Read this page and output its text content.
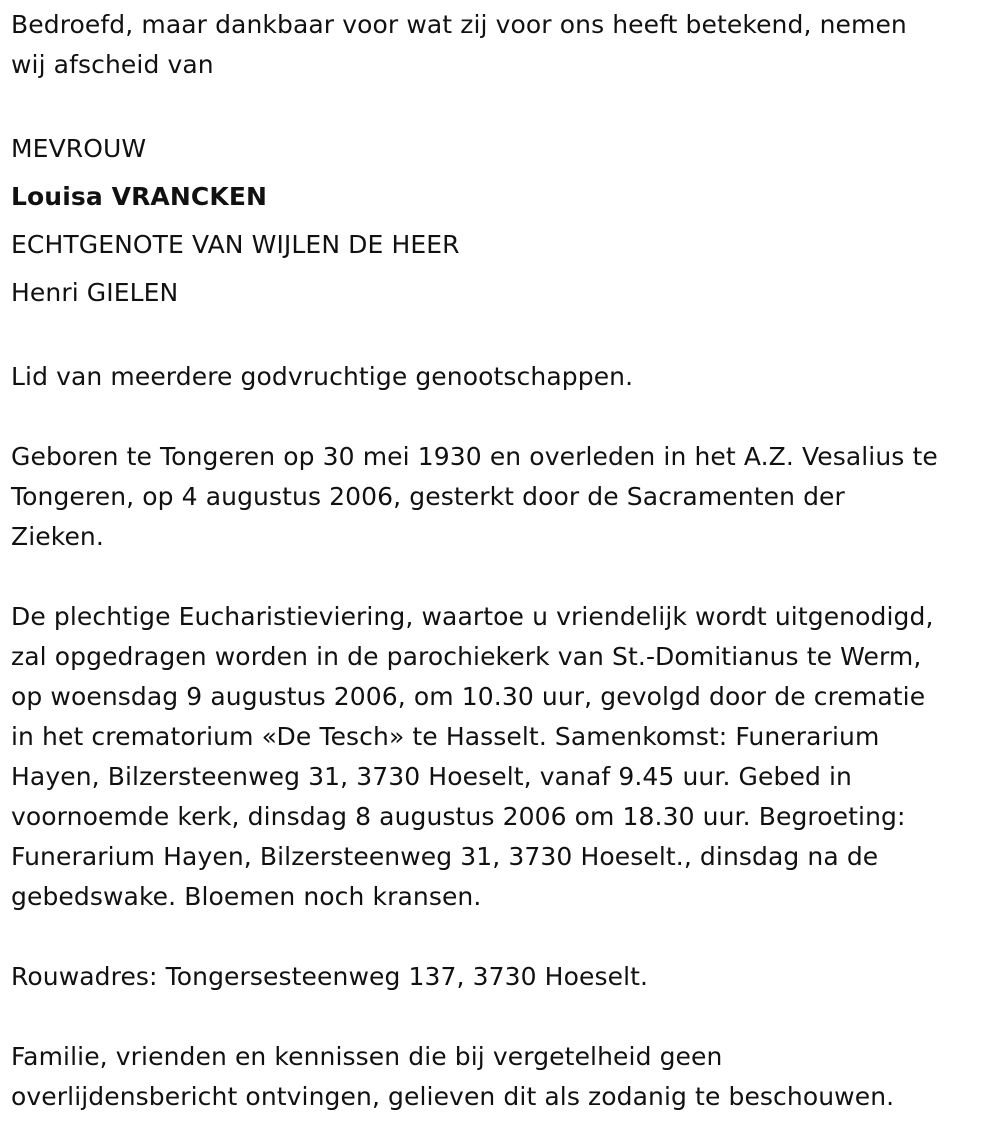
Bedroefd, maar dankbaar voor wat zij voor ons heeft betekend, nemen
wij afscheid van

MEVROUW

Louisa VRANCKEN

ECHTGENOTE VAN WIJLEN DE HEER

Henri GIELEN

Lid van meerdere godvruchtige genootschappen.

Geboren te Tongeren op 30 mei 1930 en overleden in het A.Z. Vesalius te
Tongeren, op 4 augustus 2006, gesterkt door de Sacramenten der
Zieken.

De plechtige Eucharistieviering, waartoe u vriendelijk wordt uitgenodigd,
zal opgedragen worden in de parochiekerk van St.-Domitianus te Werm,
op woensdag 9 augustus 2006, om 10.30 uur, gevolgd door de crematie
in het crematorium «De Tesch» te Hasselt. Samenkomst: Funerarium
Hayen, Bilzersteenweg 31, 3730 Hoeselt, vanaf 9.45 uur. Gebed in
voornoemde kerk, dinsdag 8 augustus 2006 om 18.30 uur. Begroeting:
Funerarium Hayen, Bilzersteenweg 31, 3730 Hoeselt., dinsdag na de
gebedswake. Bloemen noch kransen.

Rouwadres: Tongersesteenweg 137, 3730 Hoeselt.

Familie, vrienden en kennissen die bij vergetelheid geen
overlijdensbericht ontvingen, gelieven dit als zodanig te beschouwen.
